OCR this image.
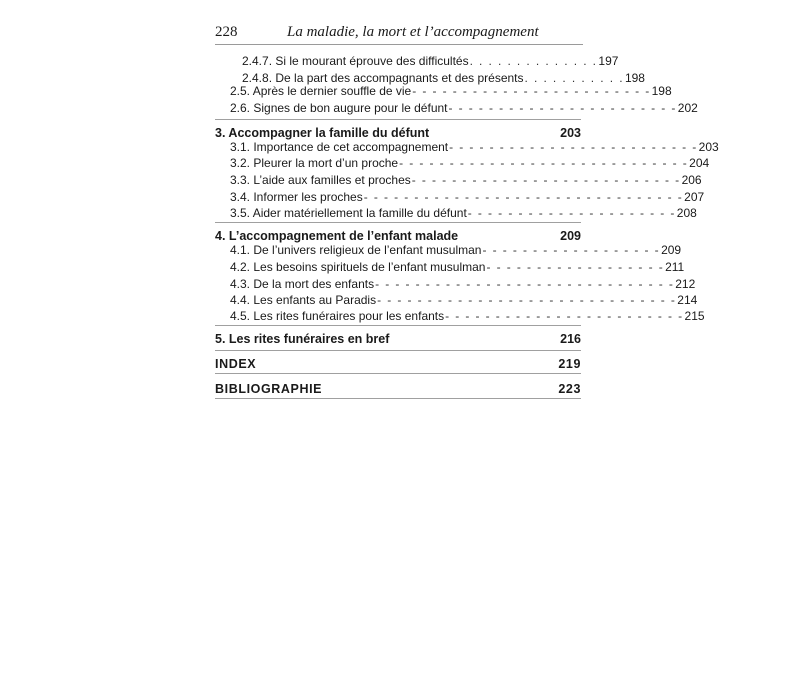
228	La maladie, la mort et l’accompagnement
2.4.7. Si le mourant éprouve des difficultés . . . . . . . . . . . . . . 197
2.4.8. De la part des accompagnants et des présents . . . . . . . . . . . 198
2.5. Après le dernier souffle de vie - - - - - - - - - - - - - - - - - - - - - - - - 198
2.6. Signes de bon augure pour le défunt - - - - - - - - - - - - - - - - - - - - - - - 202
3. Accompagner la famille du défunt	203
3.1. Importance de cet accompagnement - - - - - - - - - - - - - - - - - - - - - - - - - 203
3.2. Pleurer la mort d’un proche - - - - - - - - - - - - - - - - - - - - - - - - - - - - - 204
3.3. L’aide aux familles et proches - - - - - - - - - - - - - - - - - - - - - - - - - - - 206
3.4. Informer les proches - - - - - - - - - - - - - - - - - - - - - - - - - - - - - - - - 207
3.5. Aider matériellement la famille du défunt - - - - - - - - - - - - - - - - - - - - - 208
4. L’accompagnement de l’enfant malade	209
4.1. De l’univers religieux de l’enfant musulman - - - - - - - - - - - - - - - - - - 209
4.2. Les besoins spirituels de l’enfant musulman - - - - - - - - - - - - - - - - - - 211
4.3. De la mort des enfants - - - - - - - - - - - - - - - - - - - - - - - - - - - - - - 212
4.4. Les enfants au Paradis - - - - - - - - - - - - - - - - - - - - - - - - - - - - - - 214
4.5. Les rites funéraires pour les enfants - - - - - - - - - - - - - - - - - - - - - - - - 215
5. Les rites funéraires en bref	216
INDEX	219
BIBLIOGRAPHIE	223
